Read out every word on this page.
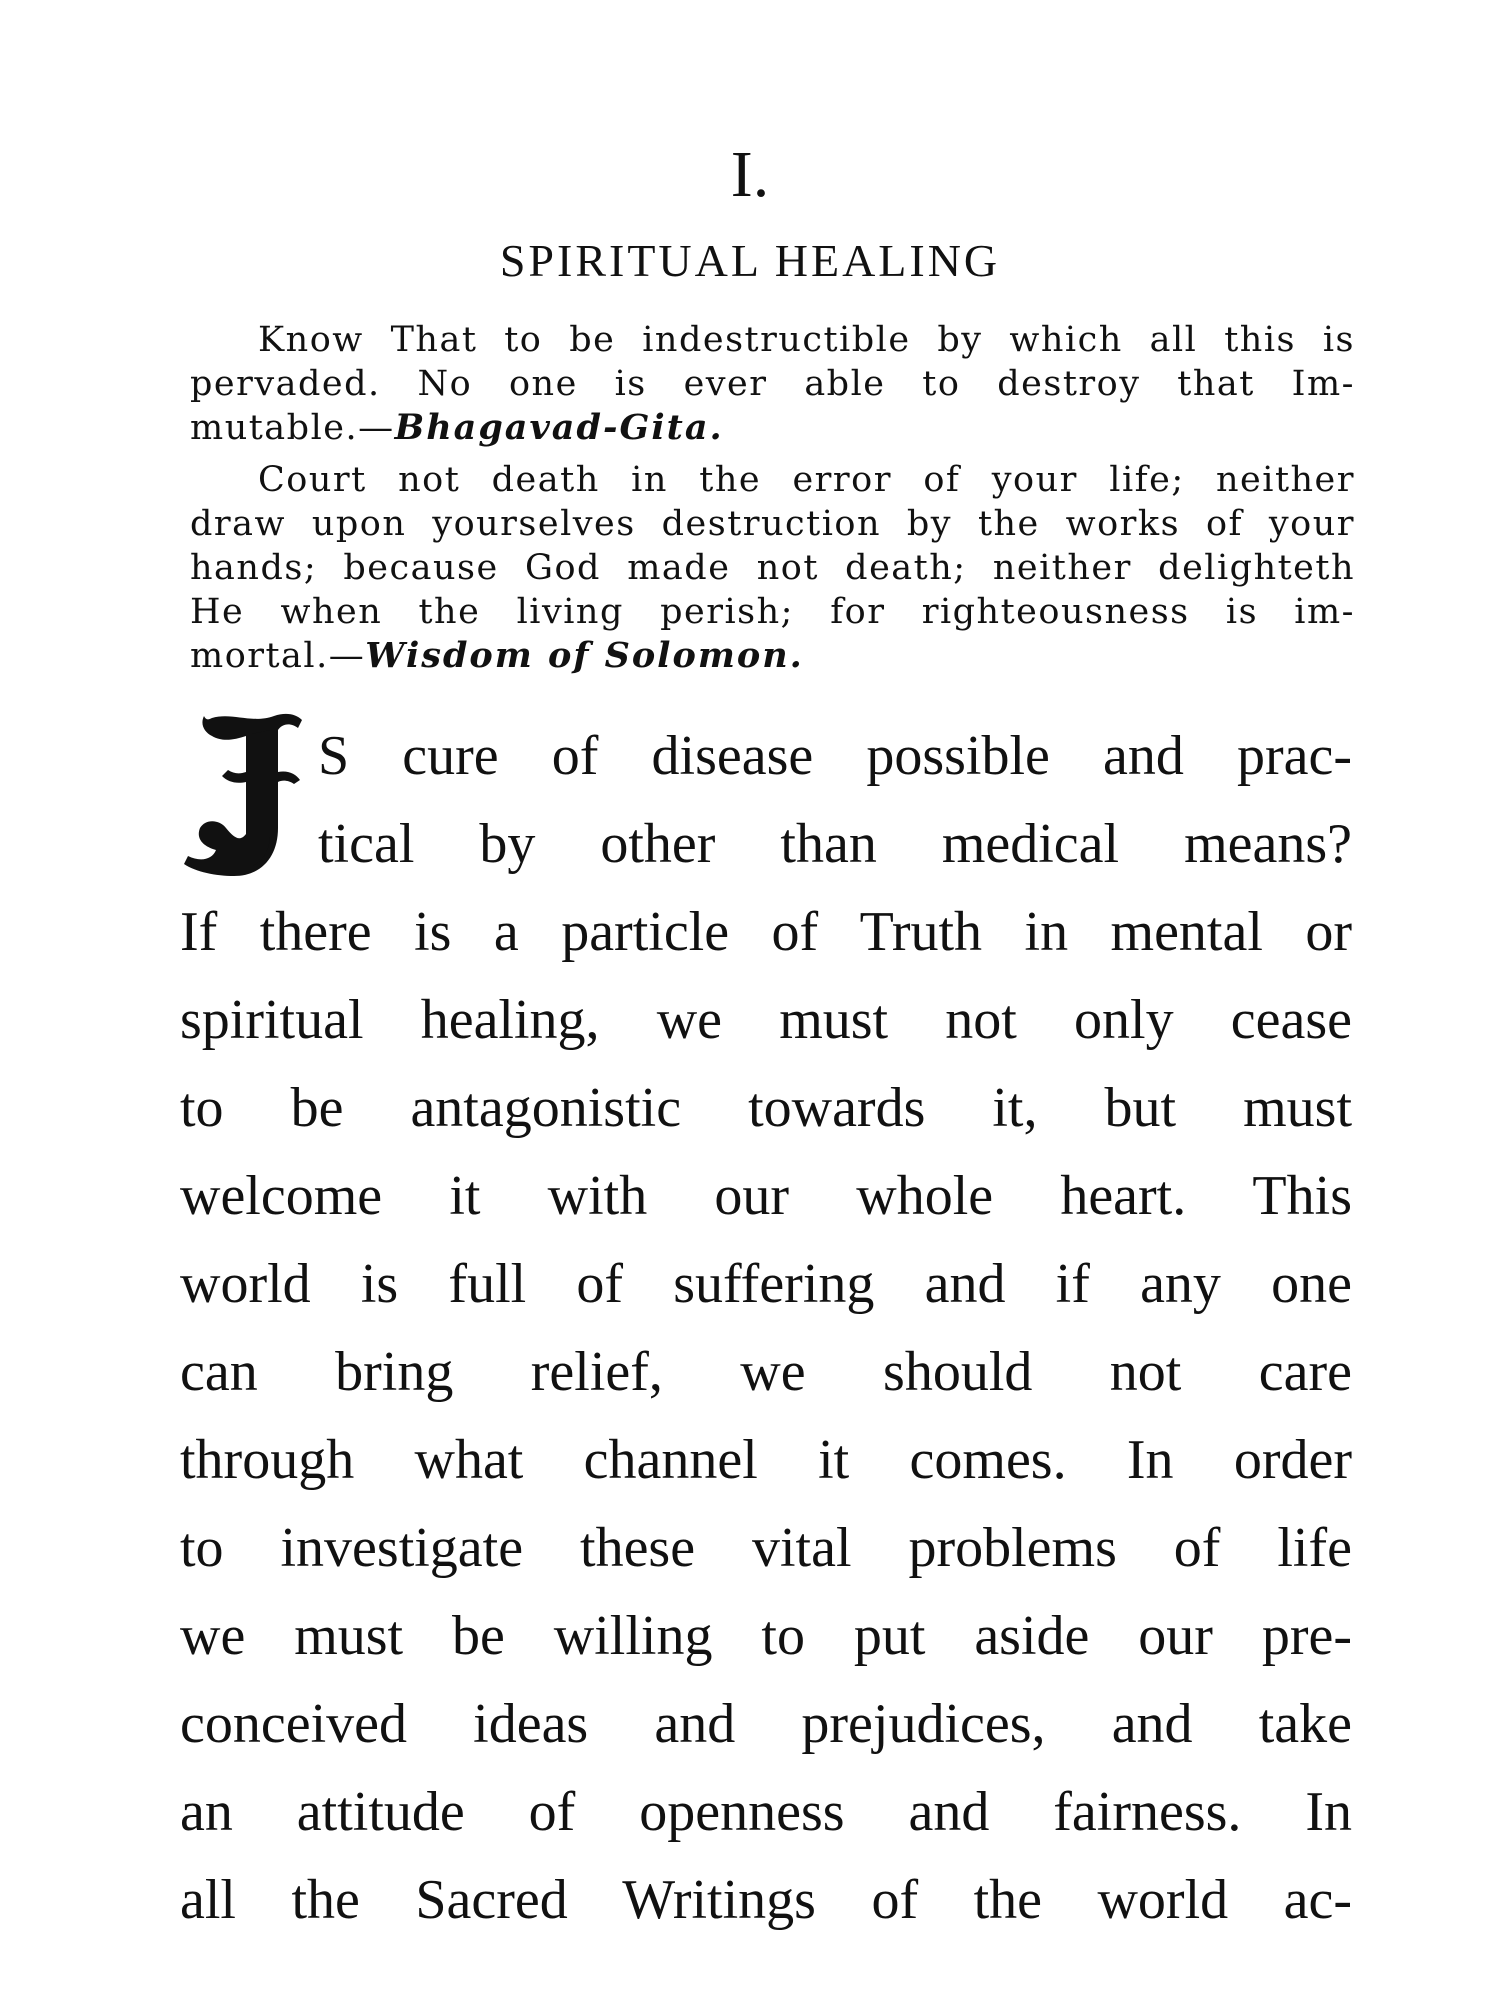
I.
SPIRITUAL HEALING
Know That to be indestructible by which all this is
pervaded. No one is ever able to destroy that Im-
mutable.—Bhagavad-Gita.
Court not death in the error of your life; neither
draw upon yourselves destruction by the works of your
hands; because God made not death; neither delighteth
He when the living perish; for righteousness is im-
mortal.—Wisdom of Solomon.
S cure of disease possible and prac-
tical by other than medical means?
If there is a particle of Truth in mental or
spiritual healing, we must not only cease
to be antagonistic towards it, but must
welcome it with our whole heart. This
world is full of suffering and if any one
can bring relief, we should not care
through what channel it comes. In order
to investigate these vital problems of life
we must be willing to put aside our pre-
conceived ideas and prejudices, and take
an attitude of openness and fairness. In
all the Sacred Writings of the world ac-
